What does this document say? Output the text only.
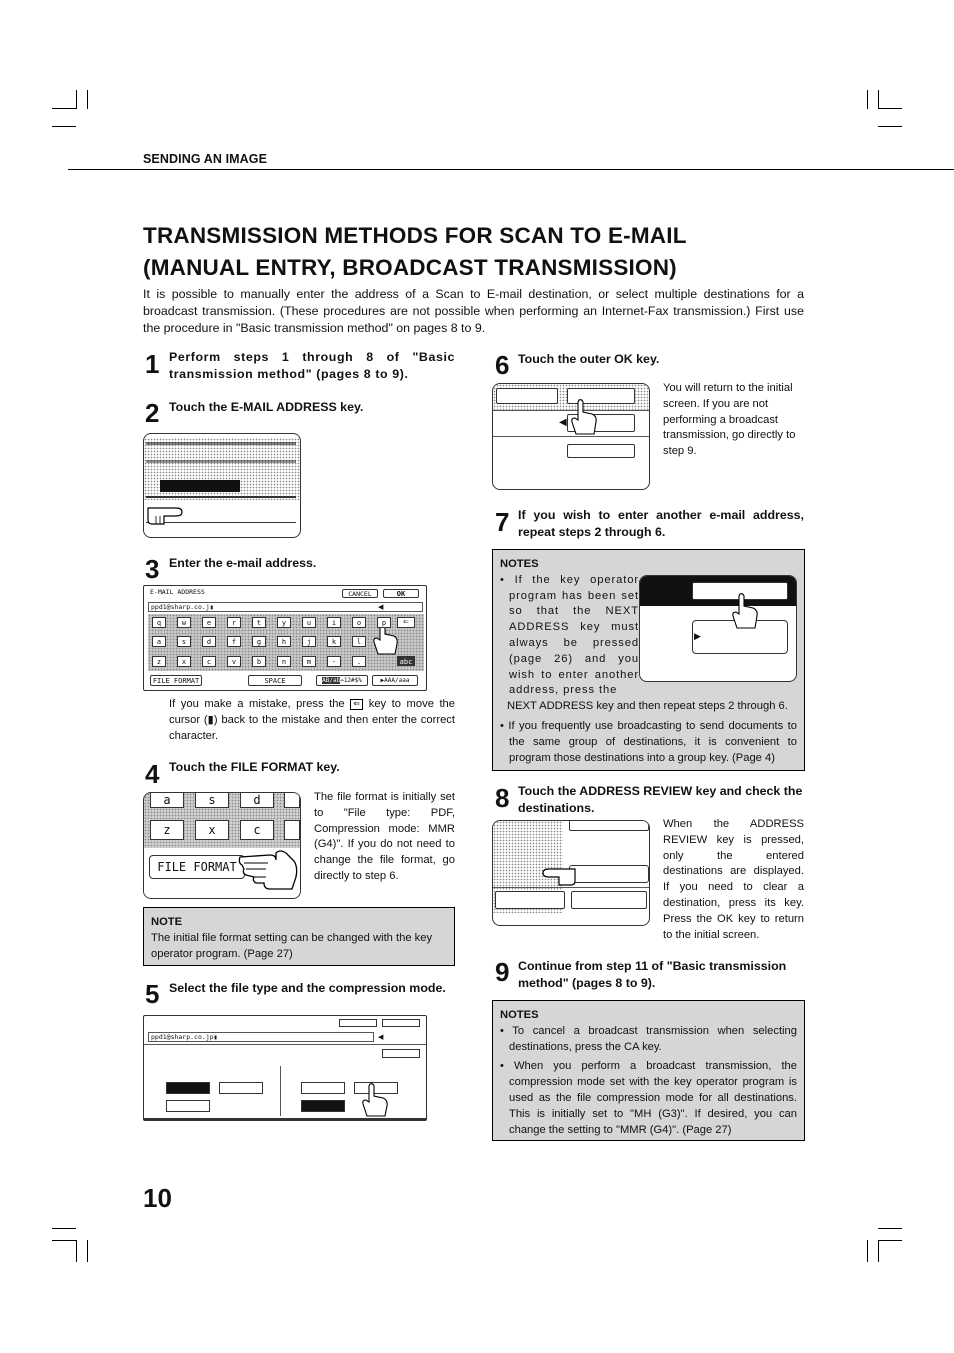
SENDING AN IMAGE
TRANSMISSION METHODS FOR SCAN TO E-MAIL
(MANUAL ENTRY, BROADCAST TRANSMISSION)
It is possible to manually enter the address of a Scan to E-mail destination, or select multiple destinations for a broadcast transmission. (These procedures are not possible when performing an Internet-Fax transmission.) First use the procedure in "Basic transmission method" on pages 8 to 9.
1 Perform steps 1 through 8 of "Basic transmission method" (pages 8 to 9).
2 Touch the E-MAIL ADDRESS key.
3 Enter the e-mail address.
E-MAIL ADDRESS	CANCEL	OK
ppd1@sharp.co.j▮	◀
⇐
abc
FILE FORMAT	SPACE	AB/ab⇔12#$%	▶AAA/aaa
q	w	e	r	t	y	u	i	o	p
a	s	d	f	g	h	j	k	l
z	x	c	v	b	n	m	-	.
If you make a mistake, press the ⇐ key to move the cursor (▮) back to the mistake and then enter the correct character.
4 Touch the FILE FORMAT key.
a	s	d
z	x	c
FILE FORMAT
The file format is initially set to "File type: PDF, Compression mode: MMR (G4)". If you do not need to change the file format, go directly to step 6.
NOTE
The initial file format setting can be changed with the key operator program. (Page 27)
5 Select the file type and the compression mode.
ppd1@sharp.co.jp▮	◀
6 Touch the outer OK key.
◀
You will return to the initial screen. If you are not performing a broadcast transmission, go directly to step 9.
7 If you wish to enter another e-mail address, repeat steps 2 through 6.
NOTES
• If the key operator program has been set so that the NEXT ADDRESS key must always be pressed (page 26) and you wish to enter another address, press the
NEXT ADDRESS key and then repeat steps 2 through 6.
• If you frequently use broadcasting to send documents to the same group of destinations, it is convenient to program those destinations into a group key. (Page 4)
▶
8 Touch the ADDRESS REVIEW key and check the destinations.
When the ADDRESS REVIEW key is pressed, only the entered destinations are displayed. If you need to clear a destination, press its key. Press the OK key to return to the initial screen.
9 Continue from step 11 of "Basic transmission method" (pages 8 to 9).
NOTES
• To cancel a broadcast transmission when selecting destinations, press the CA key.
• When you perform a broadcast transmission, the compression mode set with the key operator program is used as the file compression mode for all destinations. This is initially set to "MH (G3)". If desired, you can change the setting to "MMR (G4)". (Page 27)
10
